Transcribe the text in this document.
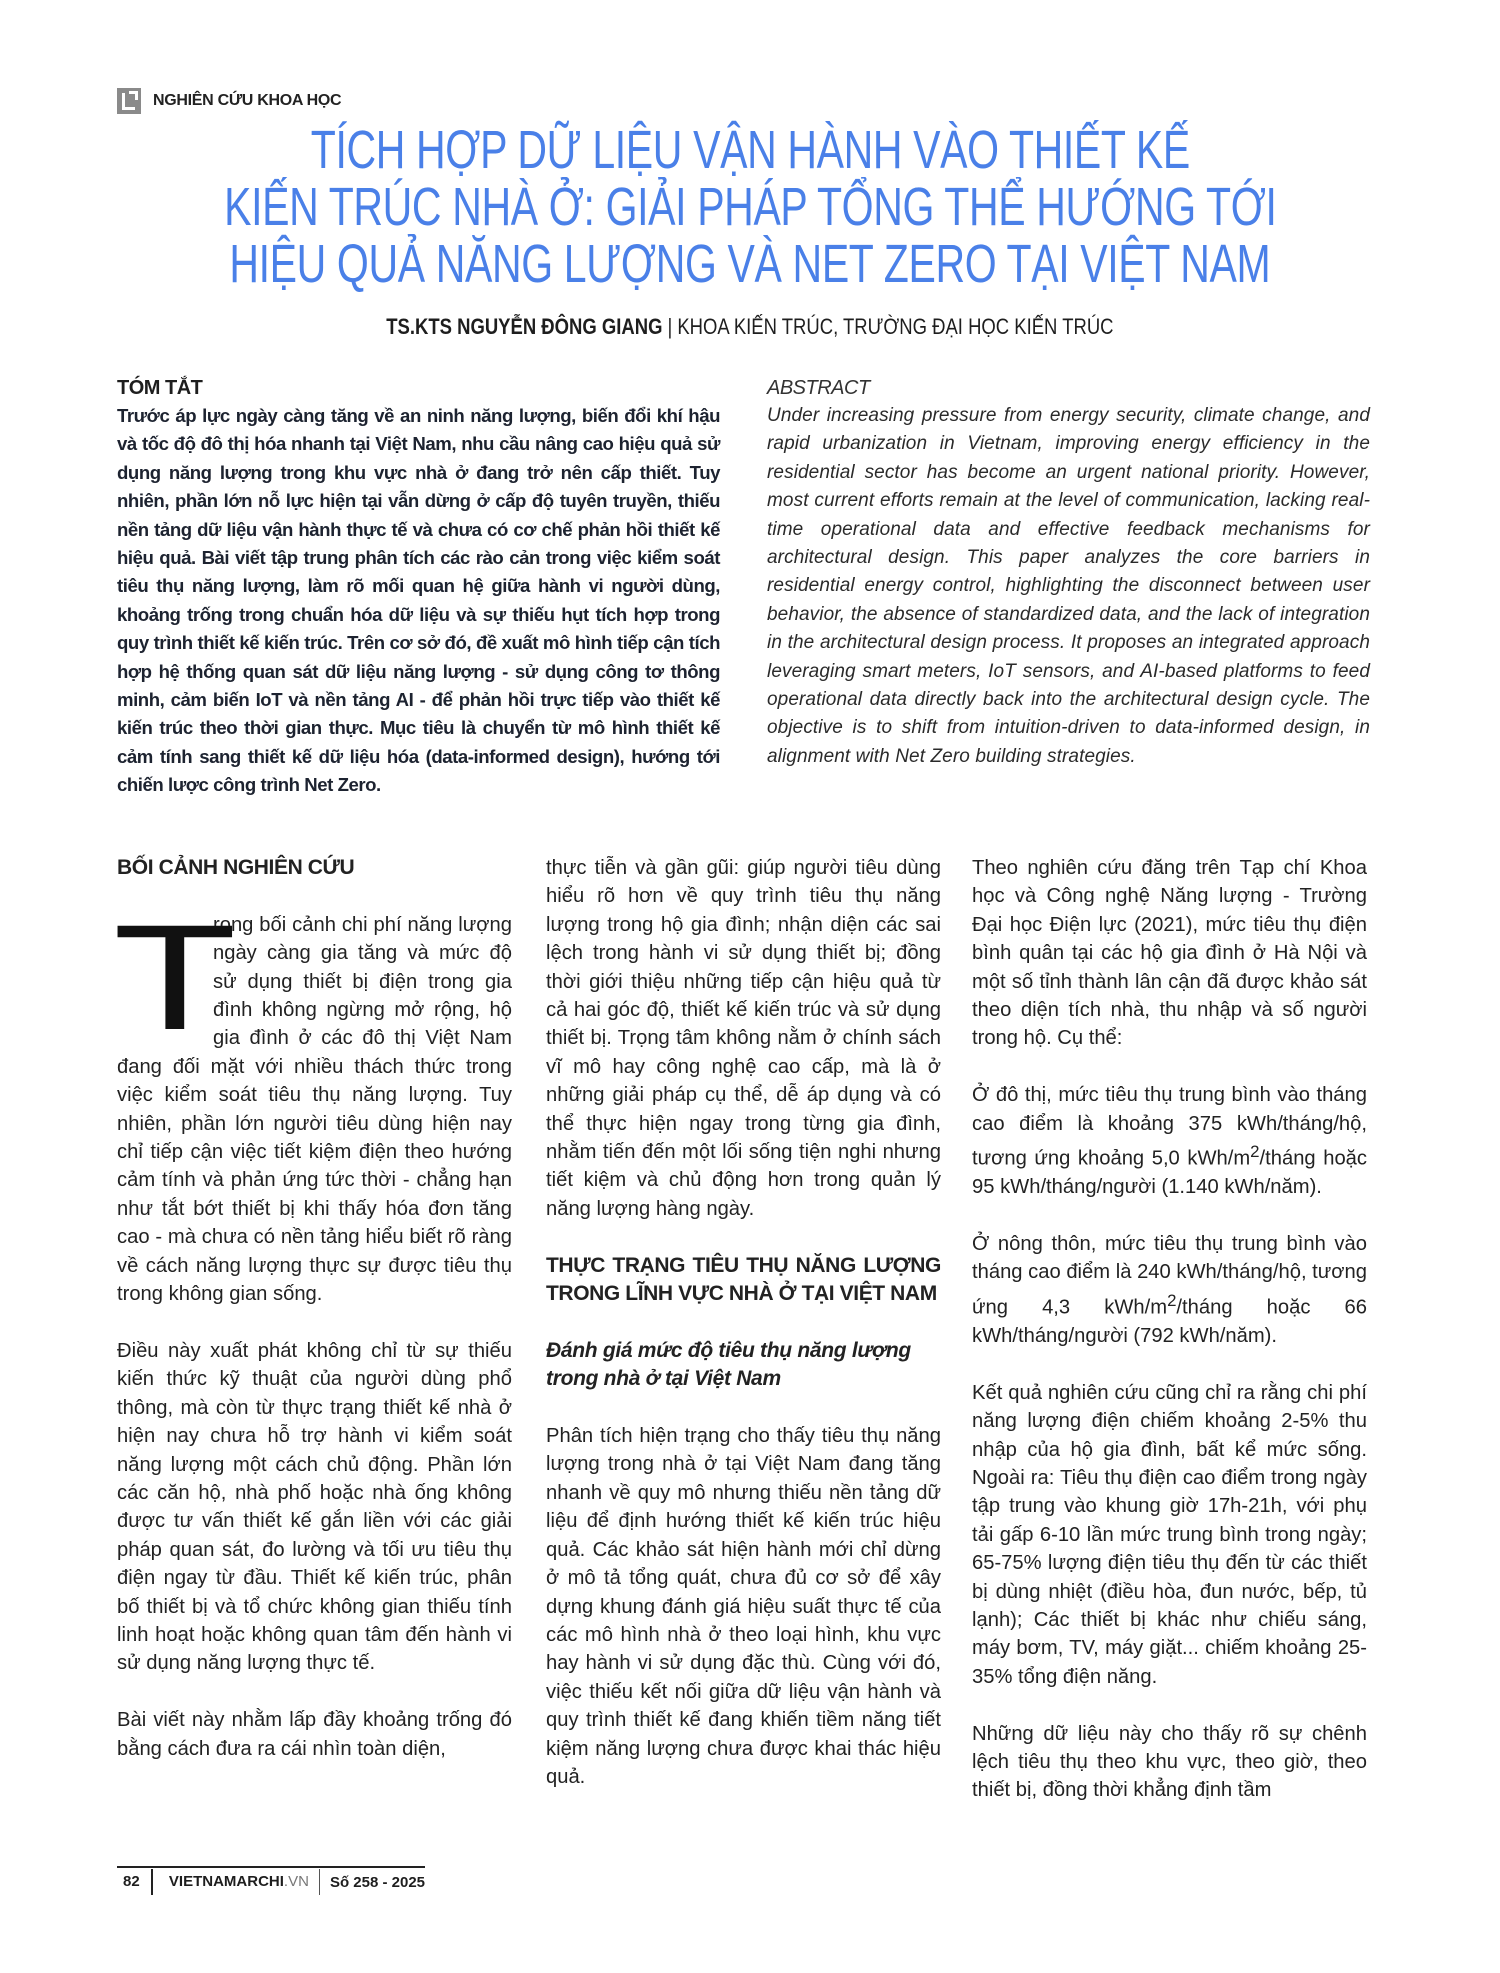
NGHIÊN CỨU KHOA HỌC
TÍCH HỢP DỮ LIỆU VẬN HÀNH VÀO THIẾT KẾ
KIẾN TRÚC NHÀ Ở: GIẢI PHÁP TỔNG THỂ HƯỚNG TỚI
HIỆU QUẢ NĂNG LƯỢNG VÀ NET ZERO TẠI VIỆT NAM
TS.KTS NGUYỄN ĐÔNG GIANG | KHOA KIẾN TRÚC, TRƯỜNG ĐẠI HỌC KIẾN TRÚC
TÓM TẮT
Trước áp lực ngày càng tăng về an ninh năng lượng, biến đổi khí hậu và tốc độ đô thị hóa nhanh tại Việt Nam, nhu cầu nâng cao hiệu quả sử dụng năng lượng trong khu vực nhà ở đang trở nên cấp thiết. Tuy nhiên, phần lớn nỗ lực hiện tại vẫn dừng ở cấp độ tuyên truyền, thiếu nền tảng dữ liệu vận hành thực tế và chưa có cơ chế phản hồi thiết kế hiệu quả. Bài viết tập trung phân tích các rào cản trong việc kiểm soát tiêu thụ năng lượng, làm rõ mối quan hệ giữa hành vi người dùng, khoảng trống trong chuẩn hóa dữ liệu và sự thiếu hụt tích hợp trong quy trình thiết kế kiến trúc. Trên cơ sở đó, đề xuất mô hình tiếp cận tích hợp hệ thống quan sát dữ liệu năng lượng - sử dụng công tơ thông minh, cảm biến IoT và nền tảng AI - để phản hồi trực tiếp vào thiết kế kiến trúc theo thời gian thực. Mục tiêu là chuyển từ mô hình thiết kế cảm tính sang thiết kế dữ liệu hóa (data-informed design), hướng tới chiến lược công trình Net Zero.
ABSTRACT
Under increasing pressure from energy security, climate change, and rapid urbanization in Vietnam, improving energy efficiency in the residential sector has become an urgent national priority. However, most current efforts remain at the level of communication, lacking real-time operational data and effective feedback mechanisms for architectural design. This paper analyzes the core barriers in residential energy control, highlighting the disconnect between user behavior, the absence of standardized data, and the lack of integration in the architectural design process. It proposes an integrated approach leveraging smart meters, IoT sensors, and AI-based platforms to feed operational data directly back into the architectural design cycle. The objective is to shift from intuition-driven to data-informed design, in alignment with Net Zero building strategies.
BỐI CẢNH NGHIÊN CỨU

T
rong bối cảnh chi phí năng lượng ngày càng gia tăng và mức độ sử dụng thiết bị điện trong gia đình không ngừng mở rộng, hộ gia đình ở các đô thị Việt Nam đang đối mặt với nhiều thách thức trong việc kiểm soát tiêu thụ năng lượng. Tuy nhiên, phần lớn người tiêu dùng hiện nay chỉ tiếp cận việc tiết kiệm điện theo hướng cảm tính và phản ứng tức thời - chẳng hạn như tắt bớt thiết bị khi thấy hóa đơn tăng cao - mà chưa có nền tảng hiểu biết rõ ràng về cách năng lượng thực sự được tiêu thụ trong không gian sống.

Điều này xuất phát không chỉ từ sự thiếu kiến thức kỹ thuật của người dùng phổ thông, mà còn từ thực trạng thiết kế nhà ở hiện nay chưa hỗ trợ hành vi kiểm soát năng lượng một cách chủ động. Phần lớn các căn hộ, nhà phố hoặc nhà ống không được tư vấn thiết kế gắn liền với các giải pháp quan sát, đo lường và tối ưu tiêu thụ điện ngay từ đầu. Thiết kế kiến trúc, phân bố thiết bị và tổ chức không gian thiếu tính linh hoạt hoặc không quan tâm đến hành vi sử dụng năng lượng thực tế.

Bài viết này nhằm lấp đầy khoảng trống đó bằng cách đưa ra cái nhìn toàn diện,

thực tiễn và gần gũi: giúp người tiêu dùng hiểu rõ hơn về quy trình tiêu thụ năng lượng trong hộ gia đình; nhận diện các sai lệch trong hành vi sử dụng thiết bị; đồng thời giới thiệu những tiếp cận hiệu quả từ cả hai góc độ, thiết kế kiến trúc và sử dụng thiết bị. Trọng tâm không nằm ở chính sách vĩ mô hay công nghệ cao cấp, mà là ở những giải pháp cụ thể, dễ áp dụng và có thể thực hiện ngay trong từng gia đình, nhằm tiến đến một lối sống tiện nghi nhưng tiết kiệm và chủ động hơn trong quản lý năng lượng hàng ngày.

THỰC TRẠNG TIÊU THỤ NĂNG LƯỢNG TRONG LĨNH VỰC NHÀ Ở TẠI VIỆT NAM
Đánh giá mức độ tiêu thụ năng lượng trong nhà ở tại Việt Nam

Phân tích hiện trạng cho thấy tiêu thụ năng lượng trong nhà ở tại Việt Nam đang tăng nhanh về quy mô nhưng thiếu nền tảng dữ liệu để định hướng thiết kế kiến trúc hiệu quả. Các khảo sát hiện hành mới chỉ dừng ở mô tả tổng quát, chưa đủ cơ sở để xây dựng khung đánh giá hiệu suất thực tế của các mô hình nhà ở theo loại hình, khu vực hay hành vi sử dụng đặc thù. Cùng với đó, việc thiếu kết nối giữa dữ liệu vận hành và quy trình thiết kế đang khiến tiềm năng tiết kiệm năng lượng chưa được khai thác hiệu quả.

Theo nghiên cứu đăng trên Tạp chí Khoa học và Công nghệ Năng lượng - Trường Đại học Điện lực (2021), mức tiêu thụ điện bình quân tại các hộ gia đình ở Hà Nội và một số tỉnh thành lân cận đã được khảo sát theo diện tích nhà, thu nhập và số người trong hộ. Cụ thể:

Ở đô thị, mức tiêu thụ trung bình vào tháng cao điểm là khoảng 375 kWh/tháng/hộ, tương ứng khoảng 5,0 kWh/$m^2$/tháng hoặc 95 kWh/tháng/người (1.140 kWh/năm).

Ở nông thôn, mức tiêu thụ trung bình vào tháng cao điểm là 240 kWh/tháng/hộ, tương ứng 4,3 kWh/$m^2$/tháng hoặc 66 kWh/tháng/người (792 kWh/năm).

Kết quả nghiên cứu cũng chỉ ra rằng chi phí năng lượng điện chiếm khoảng 2-5% thu nhập của hộ gia đình, bất kể mức sống. Ngoài ra: Tiêu thụ điện cao điểm trong ngày tập trung vào khung giờ 17h-21h, với phụ tải gấp 6-10 lần mức trung bình trong ngày; 65-75% lượng điện tiêu thụ đến từ các thiết bị dùng nhiệt (điều hòa, đun nước, bếp, tủ lạnh); Các thiết bị khác như chiếu sáng, máy bơm, TV, máy giặt... chiếm khoảng 25-35% tổng điện năng.

Những dữ liệu này cho thấy rõ sự chênh lệch tiêu thụ theo khu vực, theo giờ, theo thiết bị, đồng thời khẳng định tầm

82	VIETNAMARCHI.VN	Số 258 - 2025
